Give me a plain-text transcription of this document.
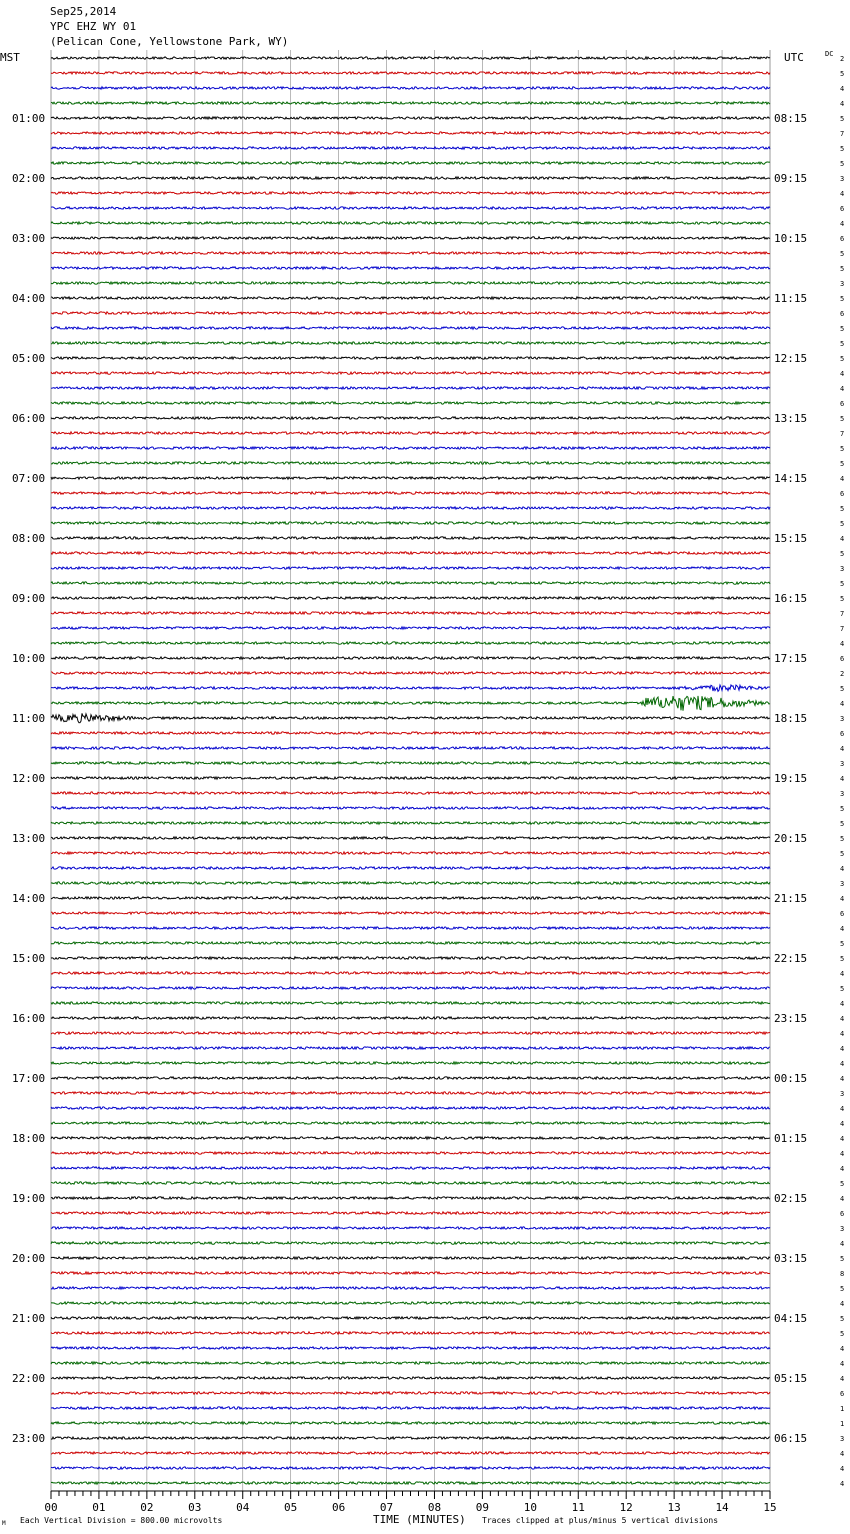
Sep25,2014
YPC EHZ WY 01
(Pelican Cone, Yellowstone Park, WY)
01:00
02:00
03:00
04:00
05:00
06:00
07:00
08:00
09:00
10:00
11:00
12:00
13:00
14:00
15:00
16:00
17:00
18:00
19:00
20:00
21:00
22:00
23:00
08:15
09:15
10:15
11:15
12:15
13:15
14:15
15:15
16:15
17:15
18:15
19:15
20:15
21:15
22:15
23:15
00:15
01:15
02:15
03:15
04:15
05:15
06:15
00	01	02	03	04	05	06	07	08	09	10	11	12	13	14	15
2
5
4
4
5
7
5
5
3
4
6
4
6
5
5
3
5
6
5
5
5
4
4
6
5
7
5
5
4
6
5
5
4
5
3
5
5
7
7
4
6
2
5
4
3
6
4
3
4
3
5
5
5
5
4
3
4
6
4
5
5
4
5
4
4
4
4
4
4
3
4
4
4
4
4
5
4
6
3
4
5
8
5
4
5
5
4
4
4
6
1
1
3
4
4
4
MST	UTC	DC
M Each Vertical Division = 800.00 microvolts	TIME (MINUTES) Traces clipped at plus/minus 5 vertical divisions
